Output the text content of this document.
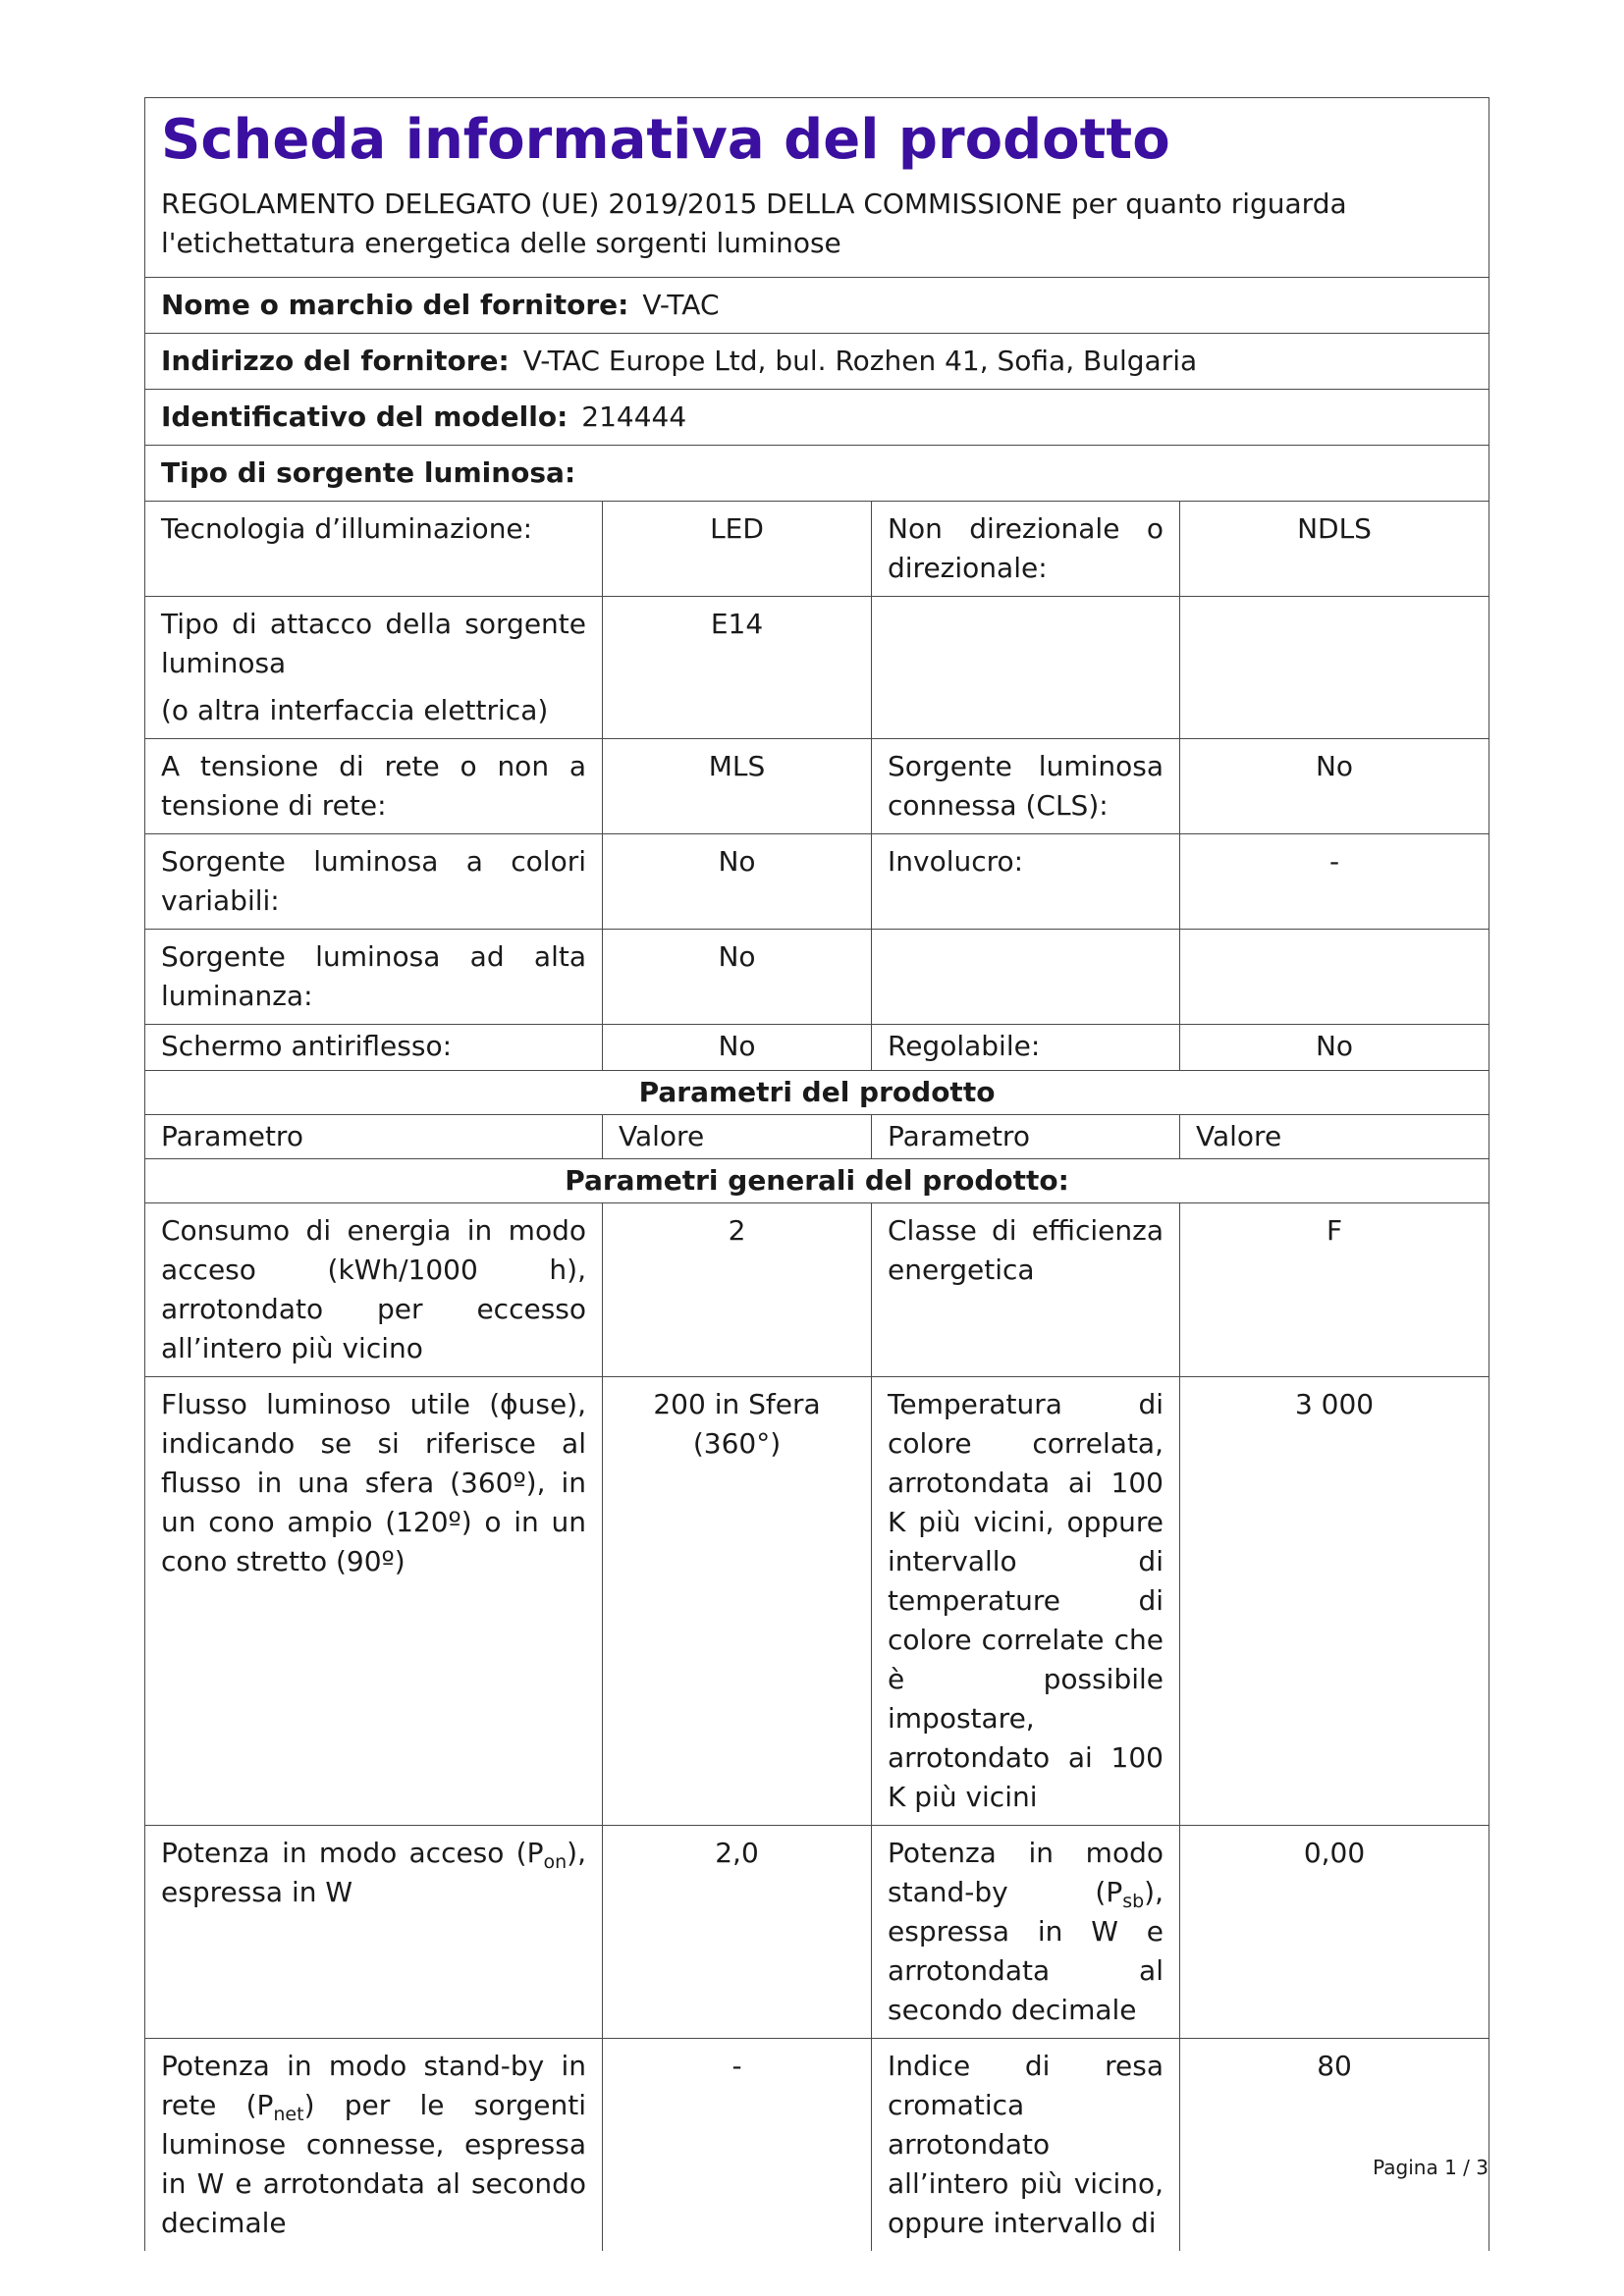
Scheda informativa del prodotto
REGOLAMENTO DELEGATO (UE) 2019/2015 DELLA COMMISSIONE per quanto riguarda l'etichettatura energetica delle sorgenti luminose			

Nome o marchio del fornitore: V-TAC			
Indirizzo del fornitore: V-TAC Europe Ltd, bul. Rozhen 41, Sofia, Bulgaria			
Identificativo del modello: 214444			
Tipo di sorgente luminosa:			
Tecnologia d’illuminazione:	LED	Non direzionale o direzionale:	NDLS
Tipo di attacco della sorgente luminosa
(o altra interfaccia elettrica)	E14		
A tensione di rete o non a tensione di rete:	MLS	Sorgente luminosa connessa (CLS):	No
Sorgente luminosa a colori variabili:	No	Involucro:	-
Sorgente luminosa ad alta luminanza:	No		
Schermo antiriflesso:	No	Regolabile:	No
Parametri del prodotto			
Parametro	Valore	Parametro	Valore
Parametri generali del prodotto:			
Consumo di energia in modo acceso (kWh/1000 h), arrotondato per eccesso all’intero più vicino	2	Classe di efficienza energetica	F
Flusso luminoso utile (ɸuse), indicando se si riferisce al flusso in una sfera (360º), in un cono ampio (120º) o in un cono stretto (90º)	200 in Sfera (360°)	Temperatura di colore correlata, arrotondata ai 100 K più vicini, oppure intervallo di temperature di colore correlate che è possibile impostare, arrotondato ai 100 K più vicini	3 000
Potenza in modo acceso $(P_{on})$, espressa in W	2,0	Potenza in modo stand-by $(P_{sb})$, espressa in W e arrotondata al secondo decimale	0,00
Potenza in modo stand-by in rete $(P_{net})$ per le sorgenti luminose connesse, espressa in W e arrotondata al secondo decimale	-	Indice di resa cromatica arrotondato all’intero più vicino, oppure intervallo di	80
Pagina 1 / 3
